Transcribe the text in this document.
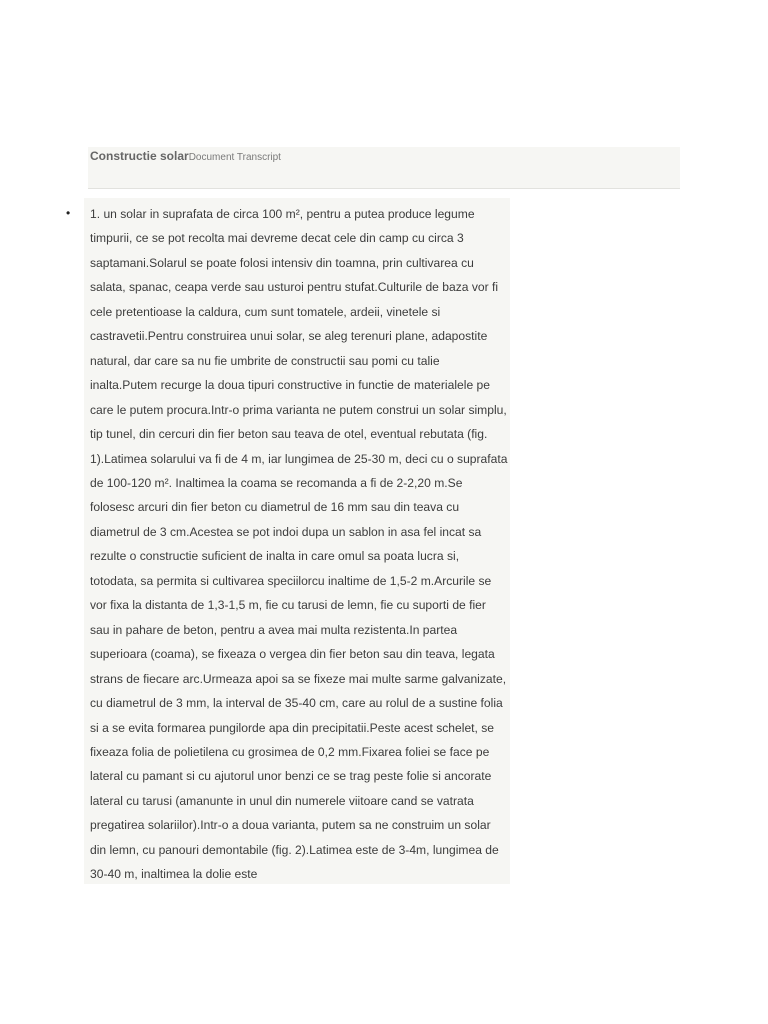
Constructie solarDocument Transcript
• 1. un solar in suprafata de circa 100 m², pentru a putea produce legume timpurii, ce se pot recolta mai devreme decat cele din camp cu circa 3 saptamani.Solarul se poate folosi intensiv din toamna, prin cultivarea cu salata, spanac, ceapa verde sau usturoi pentru stufat.Culturile de baza vor fi cele pretentioase la caldura, cum sunt tomatele, ardeii, vinetele si castravetii.Pentru construirea unui solar, se aleg terenuri plane, adapostite natural, dar care sa nu fie umbrite de constructii sau pomi cu talie inalta.Putem recurge la doua tipuri constructive in functie de materialele pe care le putem procura.Intr-o prima varianta ne putem construi un solar simplu, tip tunel, din cercuri din fier beton sau teava de otel, eventual rebutata (fig. 1).Latimea solarului va fi de 4 m, iar lungimea de 25-30 m, deci cu o suprafata de 100-120 m². Inaltimea la coama se recomanda a fi de 2-2,20 m.Se folosesc arcuri din fier beton cu diametrul de 16 mm sau din teava cu diametrul de 3 cm.Acestea se pot indoi dupa un sablon in asa fel incat sa rezulte o constructie suficient de inalta in care omul sa poata lucra si, totodata, sa permita si cultivarea speciilorcu inaltime de 1,5-2 m.Arcurile se vor fixa la distanta de 1,3-1,5 m, fie cu tarusi de lemn, fie cu suporti de fier sau in pahare de beton, pentru a avea mai multa rezistenta.In partea superioara (coama), se fixeaza o vergea din fier beton sau din teava, legata strans de fiecare arc.Urmeaza apoi sa se fixeze mai multe sarme galvanizate, cu diametrul de 3 mm, la interval de 35-40 cm, care au rolul de a sustine folia si a se evita formarea pungilorde apa din precipitatii.Peste acest schelet, se fixeaza folia de polietilena cu grosimea de 0,2 mm.Fixarea foliei se face pe lateral cu pamant si cu ajutorul unor benzi ce se trag peste folie si ancorate lateral cu tarusi (amanunte in unul din numerele viitoare cand se vatrata pregatirea solariilor).Intr-o a doua varianta, putem sa ne construim un solar din lemn, cu panouri demontabile (fig. 2).Latimea este de 3-4m, lungimea de 30-40 m, inaltimea la dolie este
